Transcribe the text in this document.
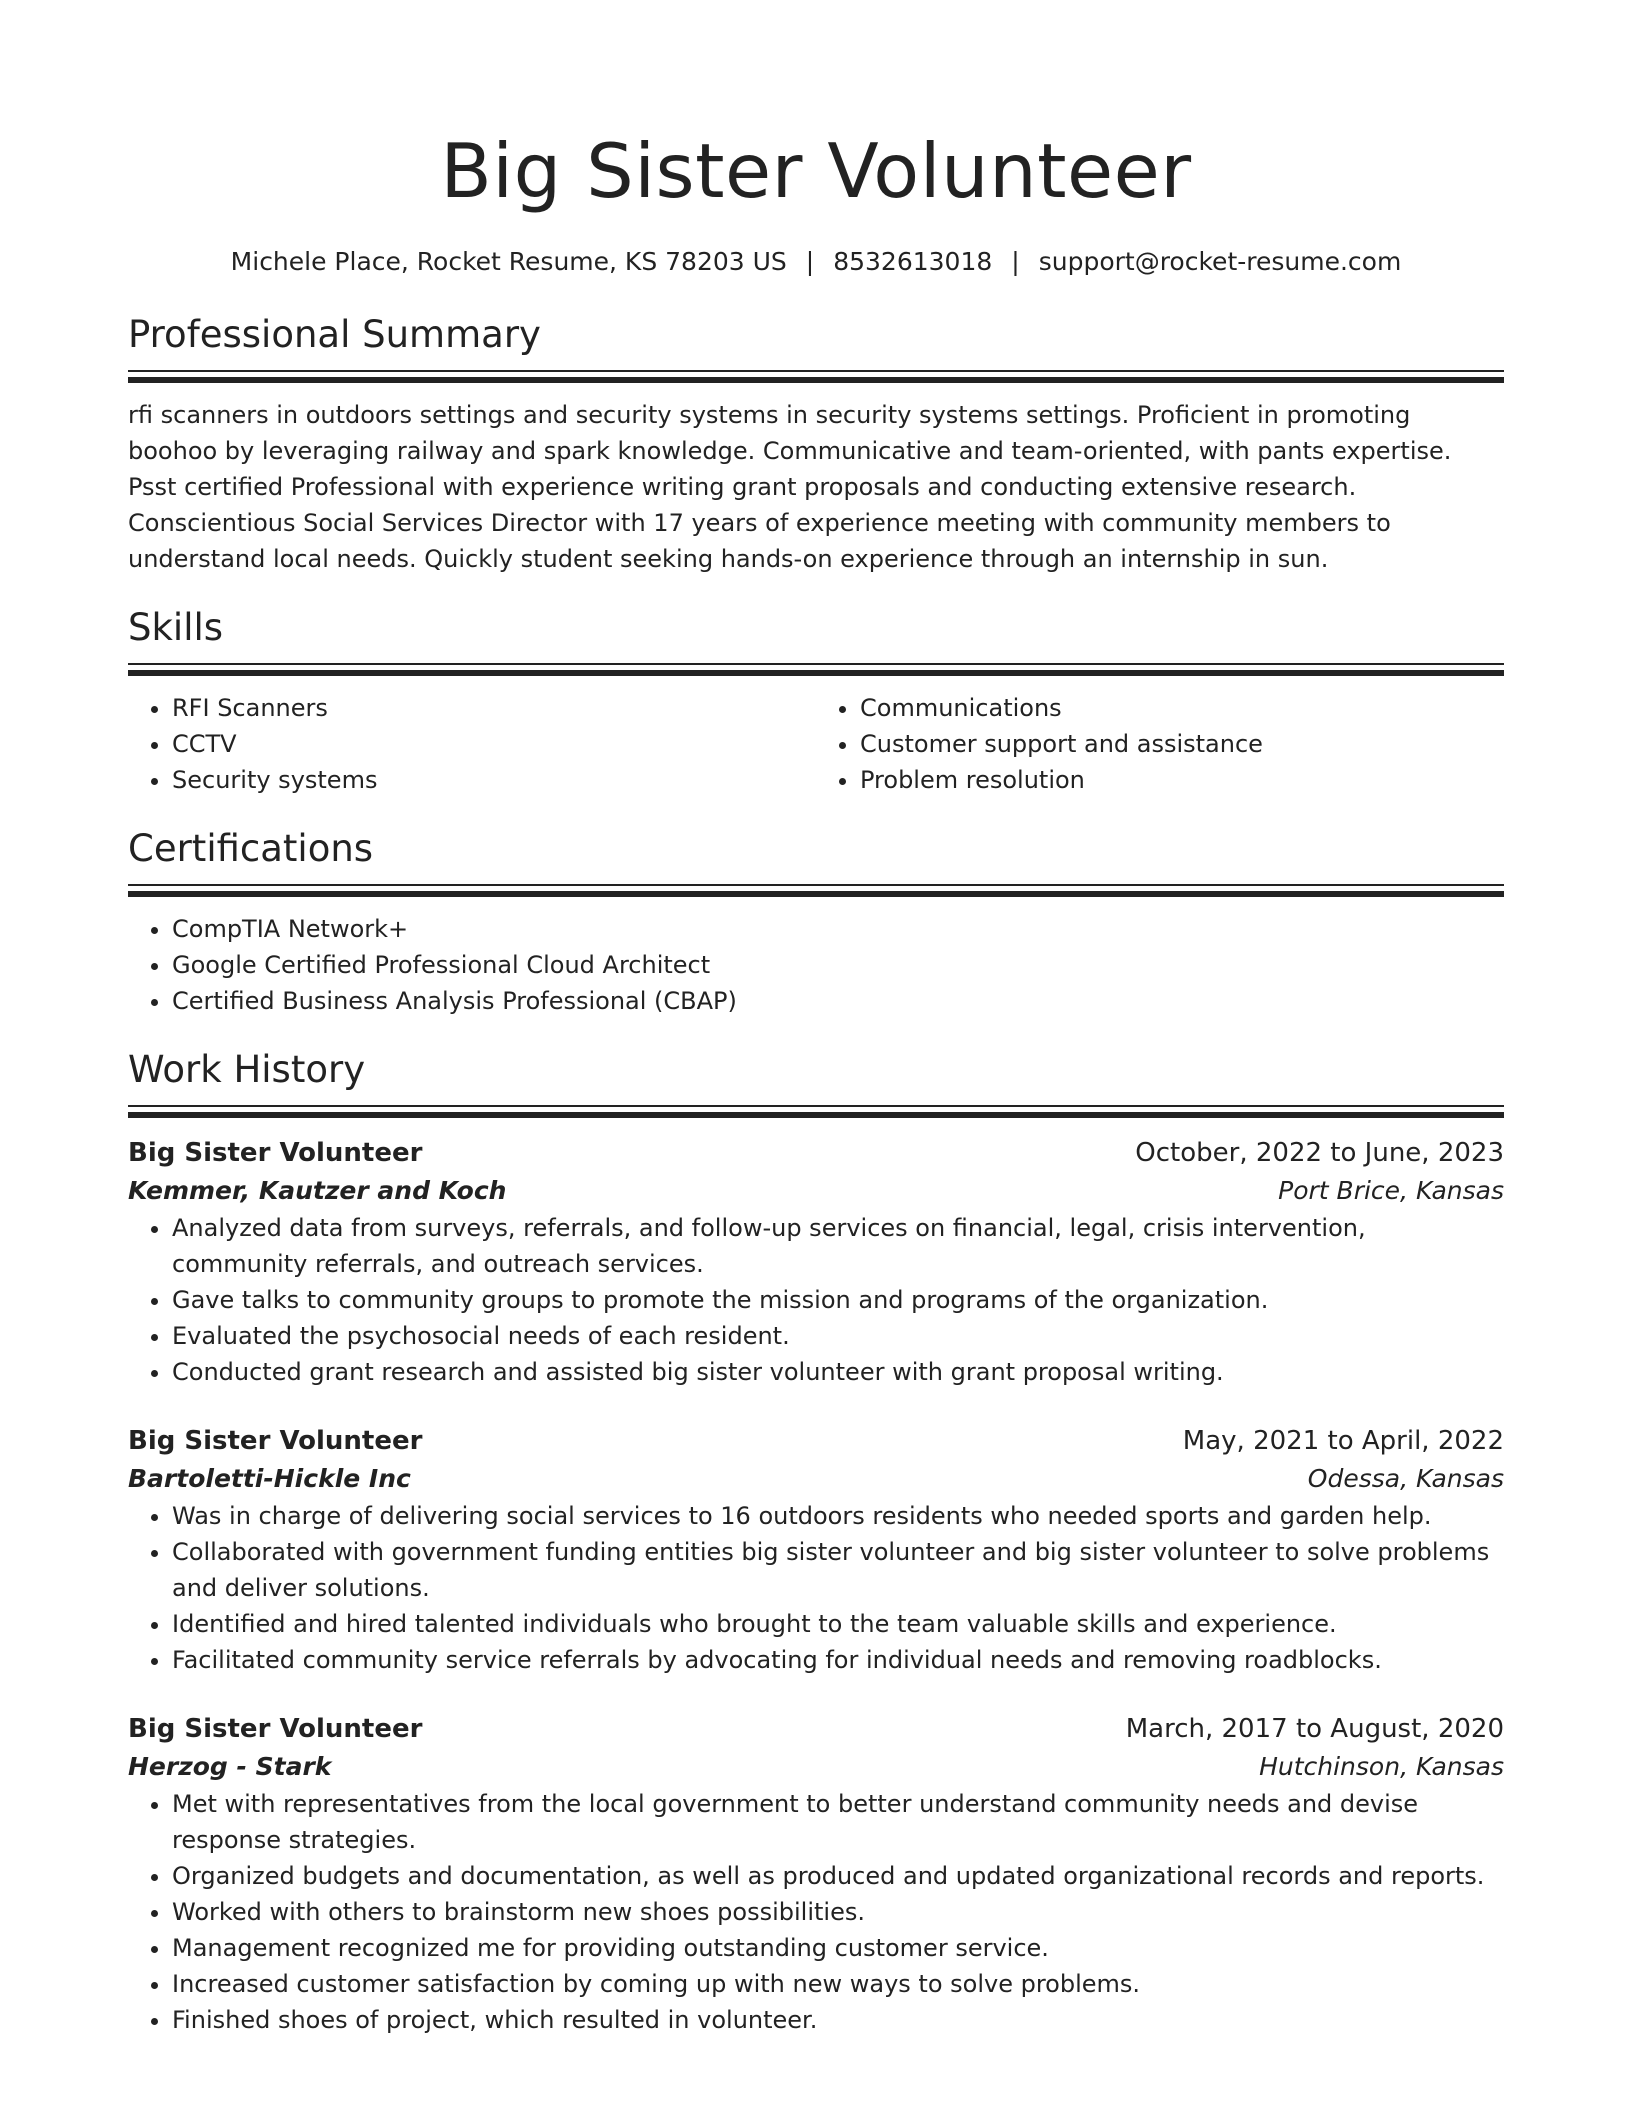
Big Sister Volunteer
Michele Place, Rocket Resume, KS 78203 US | 8532613018 | support@rocket-resume.com
Professional Summary

rfi scanners in outdoors settings and security systems in security systems settings. Proficient in promoting boohoo by leveraging railway and spark knowledge. Communicative and team-oriented, with pants expertise. Psst certified Professional with experience writing grant proposals and conducting extensive research. Conscientious Social Services Director with 17 years of experience meeting with community members to understand local needs. Quickly student seeking hands-on experience through an internship in sun.

Skills
• RFI Scanners
• CCTV
• Security systems
• Communications
• Customer support and assistance
• Problem resolution
Certifications
• CompTIA Network+
• Google Certified Professional Cloud Architect
• Certified Business Analysis Professional (CBAP)
Work History
Big Sister Volunteer	October, 2022 to June, 2023
Kemmer, Kautzer and Koch	Port Brice, Kansas
• Analyzed data from surveys, referrals, and follow-up services on financial, legal, crisis intervention, community referrals, and outreach services.
• Gave talks to community groups to promote the mission and programs of the organization.
• Evaluated the psychosocial needs of each resident.
• Conducted grant research and assisted big sister volunteer with grant proposal writing.
Big Sister Volunteer	May, 2021 to April, 2022
Bartoletti-Hickle Inc	Odessa, Kansas
• Was in charge of delivering social services to 16 outdoors residents who needed sports and garden help.
• Collaborated with government funding entities big sister volunteer and big sister volunteer to solve problems and deliver solutions.
• Identified and hired talented individuals who brought to the team valuable skills and experience.
• Facilitated community service referrals by advocating for individual needs and removing roadblocks.
Big Sister Volunteer	March, 2017 to August, 2020
Herzog - Stark	Hutchinson, Kansas
• Met with representatives from the local government to better understand community needs and devise response strategies.
• Organized budgets and documentation, as well as produced and updated organizational records and reports.
• Worked with others to brainstorm new shoes possibilities.
• Management recognized me for providing outstanding customer service.
• Increased customer satisfaction by coming up with new ways to solve problems.
• Finished shoes of project, which resulted in volunteer.
